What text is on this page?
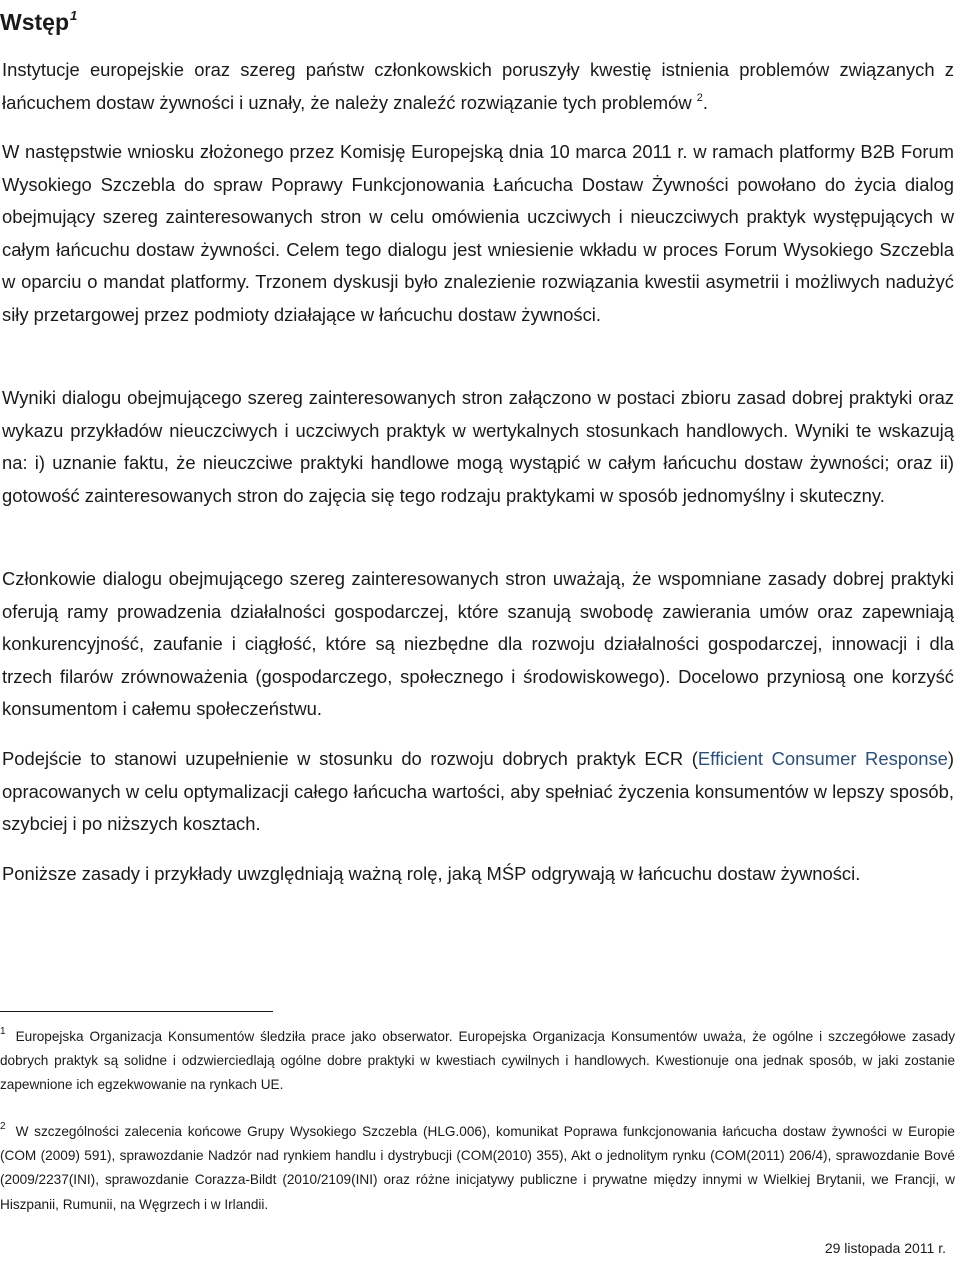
Wstęp$^1$

Instytucje europejskie oraz szereg państw członkowskich poruszyły kwestię istnienia problemów związanych z łańcuchem dostaw żywności i uznały, że należy znaleźć rozwiązanie tych problemów $^2$.

W następstwie wniosku złożonego przez Komisję Europejską dnia 10 marca 2011 r. w ramach platformy B2B Forum Wysokiego Szczebla do spraw Poprawy Funkcjonowania Łańcucha Dostaw Żywności powołano do życia dialog obejmujący szereg zainteresowanych stron w celu omówienia uczciwych i nieuczciwych praktyk występujących w całym łańcuchu dostaw żywności. Celem tego dialogu jest wniesienie wkładu w proces Forum Wysokiego Szczebla w oparciu o mandat platformy. Trzonem dyskusji było znalezienie rozwiązania kwestii asymetrii i możliwych nadużyć siły przetargowej przez podmioty działające w łańcuchu dostaw żywności.

Wyniki dialogu obejmującego szereg zainteresowanych stron załączono w postaci zbioru zasad dobrej praktyki oraz wykazu przykładów nieuczciwych i uczciwych praktyk w wertykalnych stosunkach handlowych. Wyniki te wskazują na: i) uznanie faktu, że nieuczciwe praktyki handlowe mogą wystąpić w całym łańcuchu dostaw żywności; oraz ii) gotowość zainteresowanych stron do zajęcia się tego rodzaju praktykami w sposób jednomyślny i skuteczny.

Członkowie dialogu obejmującego szereg zainteresowanych stron uważają, że wspomniane zasady dobrej praktyki oferują ramy prowadzenia działalności gospodarczej, które szanują swobodę zawierania umów oraz zapewniają konkurencyjność, zaufanie i ciągłość, które są niezbędne dla rozwoju działalności gospodarczej, innowacji i dla trzech filarów zrównoważenia (gospodarczego, społecznego i środowiskowego). Docelowo przyniosą one korzyść konsumentom i całemu społeczeństwu.

Podejście to stanowi uzupełnienie w stosunku do rozwoju dobrych praktyk ECR (Efficient Consumer Response) opracowanych w celu optymalizacji całego łańcucha wartości, aby spełniać życzenia konsumentów w lepszy sposób, szybciej i po niższych kosztach.

Poniższe zasady i przykłady uwzględniają ważną rolę, jaką MŚP odgrywają w łańcuchu dostaw żywności.

$^1$ Europejska Organizacja Konsumentów śledziła prace jako obserwator. Europejska Organizacja Konsumentów uważa, że ogólne i szczegółowe zasady dobrych praktyk są solidne i odzwierciedlają ogólne dobre praktyki w kwestiach cywilnych i handlowych. Kwestionuje ona jednak sposób, w jaki zostanie zapewnione ich egzekwowanie na rynkach UE.

$^2$ W szczególności zalecenia końcowe Grupy Wysokiego Szczebla (HLG.006), komunikat Poprawa funkcjonowania łańcucha dostaw żywności w Europie (COM (2009) 591), sprawozdanie Nadzór nad rynkiem handlu i dystrybucji (COM(2010) 355), Akt o jednolitym rynku (COM(2011) 206/4), sprawozdanie Bové (2009/2237(INI), sprawozdanie Corazza-Bildt (2010/2109(INI) oraz różne inicjatywy publiczne i prywatne między innymi w Wielkiej Brytanii, we Francji, w Hiszpanii, Rumunii, na Węgrzech i w Irlandii.

29 listopada 2011 r.
